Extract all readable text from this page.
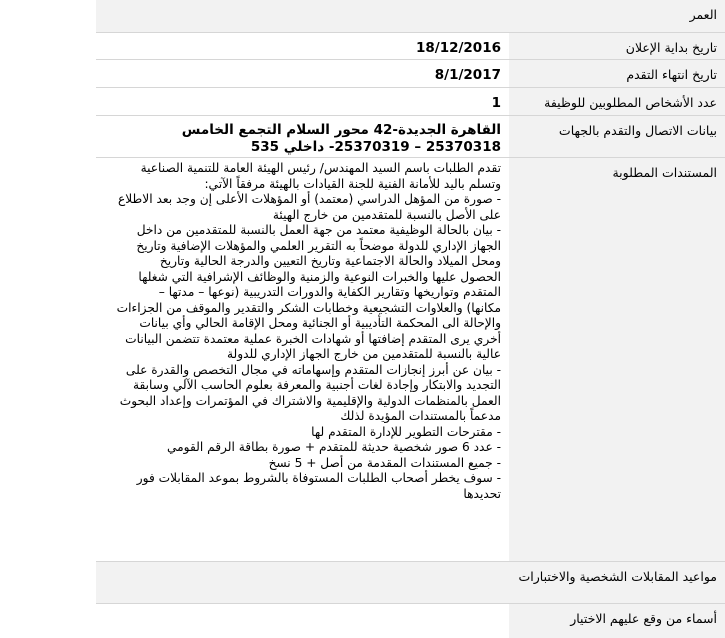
العمر
تاريخ بداية الإعلان
18/12/2016
تاريخ انتهاء التقدم
8/1/2017
عدد الأشخاص المطلوبين للوظيفة
1
بيانات الاتصال والتقدم بالجهات
القاهرة الجديدة-42 محور السلام التجمع الخامس
25370318 – 25370319- داخلي 535
المستندات المطلوبة
تقدم الطلبات باسم السيد المهندس/ رئيس الهيئة العامة للتنمية الصناعية
وتسلم باليد للأمانة الفنية للجنة القيادات بالهيئة مرفقاً الآتي:
- صورة من المؤهل الدراسي (معتمد) أو المؤهلات الأعلى إن وجد بعد الاطلاع
على الأصل بالنسبة للمتقدمين من خارج الهيئة
- بيان بالحالة الوظيفية معتمد من جهة العمل بالنسبة للمتقدمين من داخل
الجهاز الإداري للدولة موضحاً به التقرير العلمي والمؤهلات الإضافية وتاريخ
ومحل الميلاد والحالة الاجتماعية وتاريخ التعيين والدرجة الحالية وتاريخ
الحصول عليها والخبرات النوعية والزمنية والوظائف الإشرافية التي شغلها
المتقدم وتواريخها وتقارير الكفاية والدورات التدريبية (نوعها – مدتها –
مكانها) والعلاوات التشجيعية وخطابات الشكر والتقدير والموقف من الجزاءات
والإحالة الى المحكمة التأديبية أو الجنائية ومحل الإقامة الحالي وأي بيانات
أخري يرى المتقدم إضافتها أو شهادات الخبرة عملية معتمدة تتضمن البيانات
عالية بالنسبة للمتقدمين من خارج الجهاز الإداري للدولة
- بيان عن أبرز إنجازات المتقدم وإسهاماته في مجال التخصص والقدرة على
التجديد والابتكار وإجادة لغات أجنبية والمعرفة بعلوم الحاسب الآلي وسابقة
العمل بالمنظمات الدولية والإقليمية والاشتراك في المؤتمرات وإعداد البحوث
مدعماً بالمستندات المؤيدة لذلك
- مقترحات التطوير للإدارة المتقدم لها
- عدد 6 صور شخصية حديثة للمتقدم + صورة بطاقة الرقم القومي
- جميع المستندات المقدمة من أصل + 5 نسخ
- سوف يخطر أصحاب الطلبات المستوفاة بالشروط بموعد المقابلات فور
تحديدها
مواعيد المقابلات الشخصية والاختبارات
أسماء من وقع عليهم الاختيار
